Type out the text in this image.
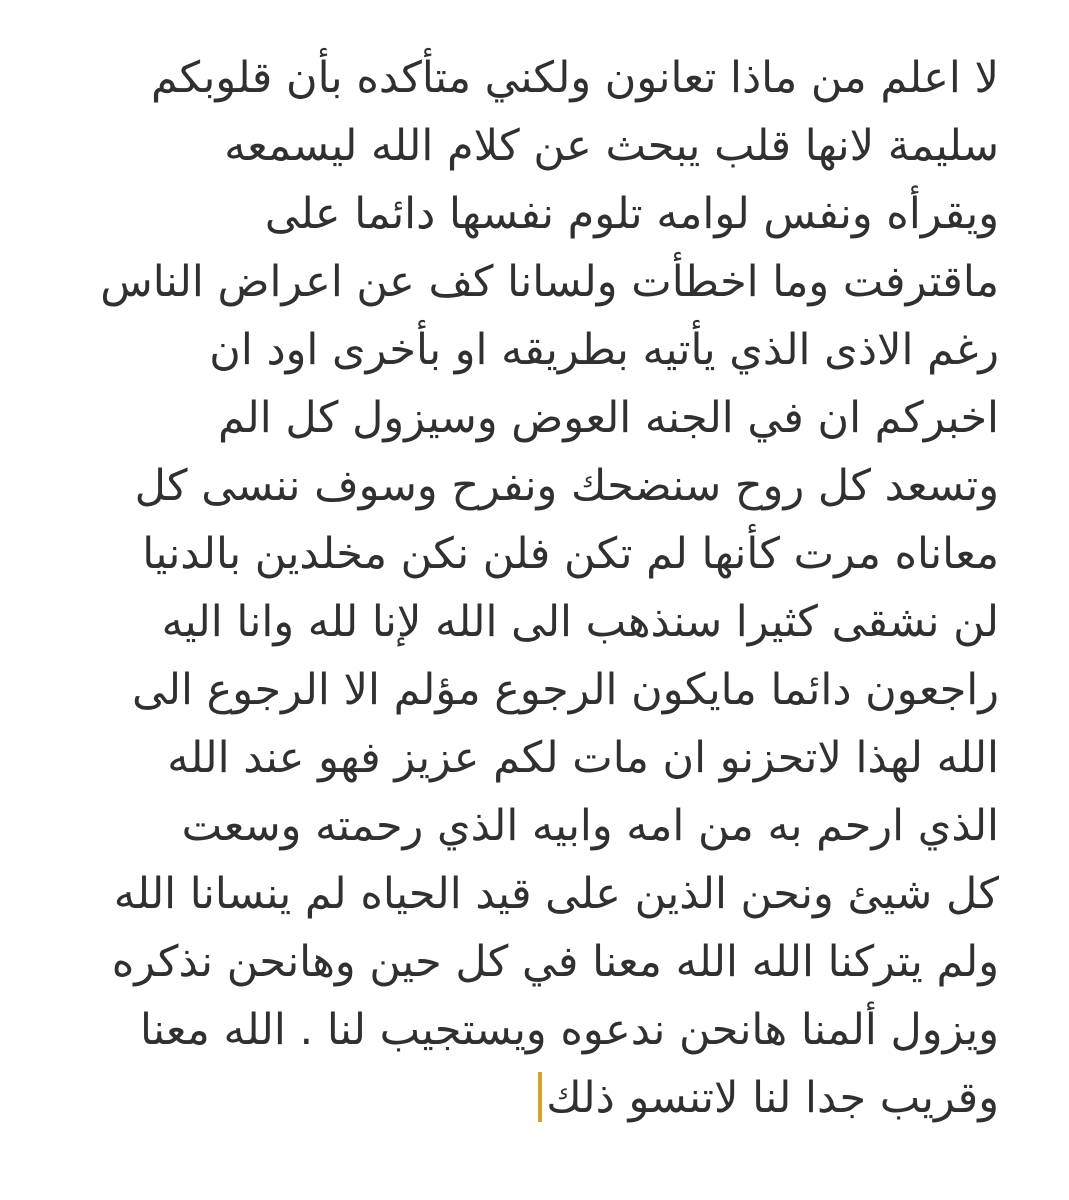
لا اعلم من ماذا تعانون ولكني متأكده بأن قلوبكم
سليمة لانها قلب يبحث عن كلام الله ليسمعه
ويقرأه ونفس لوامه تلوم نفسها دائما على
ماقترفت وما اخطأت ولسانا كف عن اعراض الناس
رغم الاذى الذي يأتيه بطريقه او بأخرى اود ان
اخبركم ان في الجنه العوض وسيزول كل الم
وتسعد كل روح سنضحك ونفرح وسوف ننسى كل
معاناه مرت كأنها لم تكن فلن نكن مخلدين بالدنيا
لن نشقى كثيرا سنذهب الى الله لإنا لله وانا اليه
راجعون دائما مايكون الرجوع مؤلم الا الرجوع الى
الله لهذا لاتحزنو ان مات لكم عزيز فهو عند الله
الذي ارحم به من امه وابيه الذي رحمته وسعت
كل شيئ ونحن الذين على قيد الحياه لم ينسانا الله
ولم يتركنا الله الله معنا في كل حين وهانحن نذكره
ويزول ألمنا هانحن ندعوه ويستجيب لنا . الله معنا
وقريب جدا لنا لاتنسو ذلك
